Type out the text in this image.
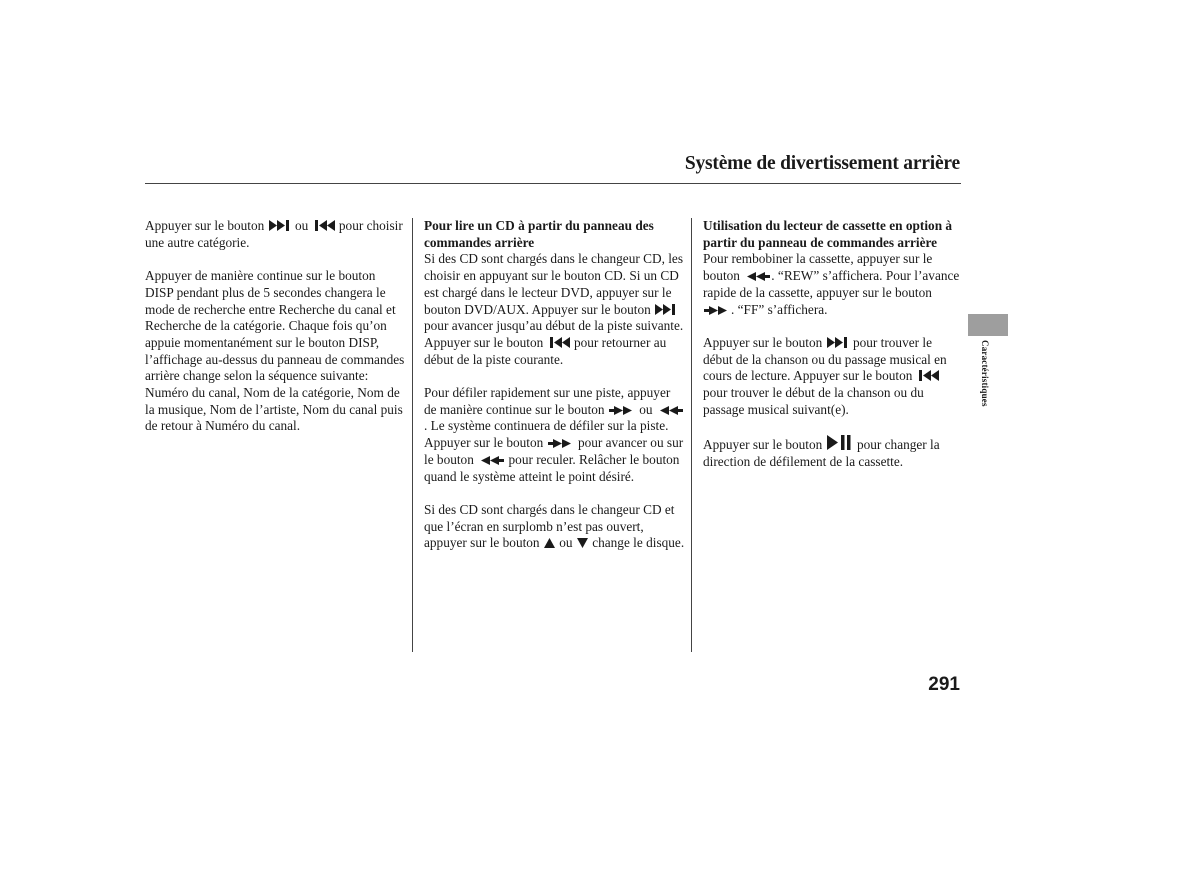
Système de divertissement arrière

Appuyer sur le bouton ou pour choisir une autre catégorie.

Appuyer de manière continue sur le bouton DISP pendant plus de 5 secondes changera le mode de recherche entre Recherche du canal et Recherche de la catégorie. Chaque fois qu’on appuie momentanément sur le bouton DISP, l’affichage au-dessus du panneau de commandes arrière change selon la séquence suivante: Numéro du canal, Nom de la catégorie, Nom de la musique, Nom de l’artiste, Nom du canal puis de retour à Numéro du canal.

Pour lire un CD à partir du panneau des commandes arrière

Si des CD sont chargés dans le changeur CD, les choisir en appuyant sur le bouton CD. Si un CD est chargé dans le lecteur DVD, appuyer sur le bouton DVD/AUX. Appuyer sur le bouton
pour avancer jusqu’au début de la piste suivante. Appuyer sur le bouton pour retourner au début de la piste courante.

Pour défiler rapidement sur une piste, appuyer de manière continue sur le bouton	ou
. Le système continuera de défiler sur la piste. Appuyer sur le bouton	pour avancer ou sur le bouton	pour reculer. Relâcher le bouton quand le système atteint le point désiré.

Si des CD sont chargés dans le changeur CD et que l’écran en surplomb n’est pas ouvert, appuyer sur le bouton ou change le disque.

Utilisation du lecteur de cassette en option à partir du panneau de commandes arrière

Pour rembobiner la cassette, appuyer sur le bouton . “REW” s’affichera. Pour l’avance rapide de la cassette, appuyer sur le bouton
. “FF” s’affichera.

Appuyer sur le bouton pour trouver le début de la chanson ou du passage musical en cours de lecture. Appuyer sur le bouton
pour trouver le début de la chanson ou du passage musical suivant(e).

Appuyer sur le bouton	pour changer la direction de défilement de la cassette.

Caractéristiques
291
